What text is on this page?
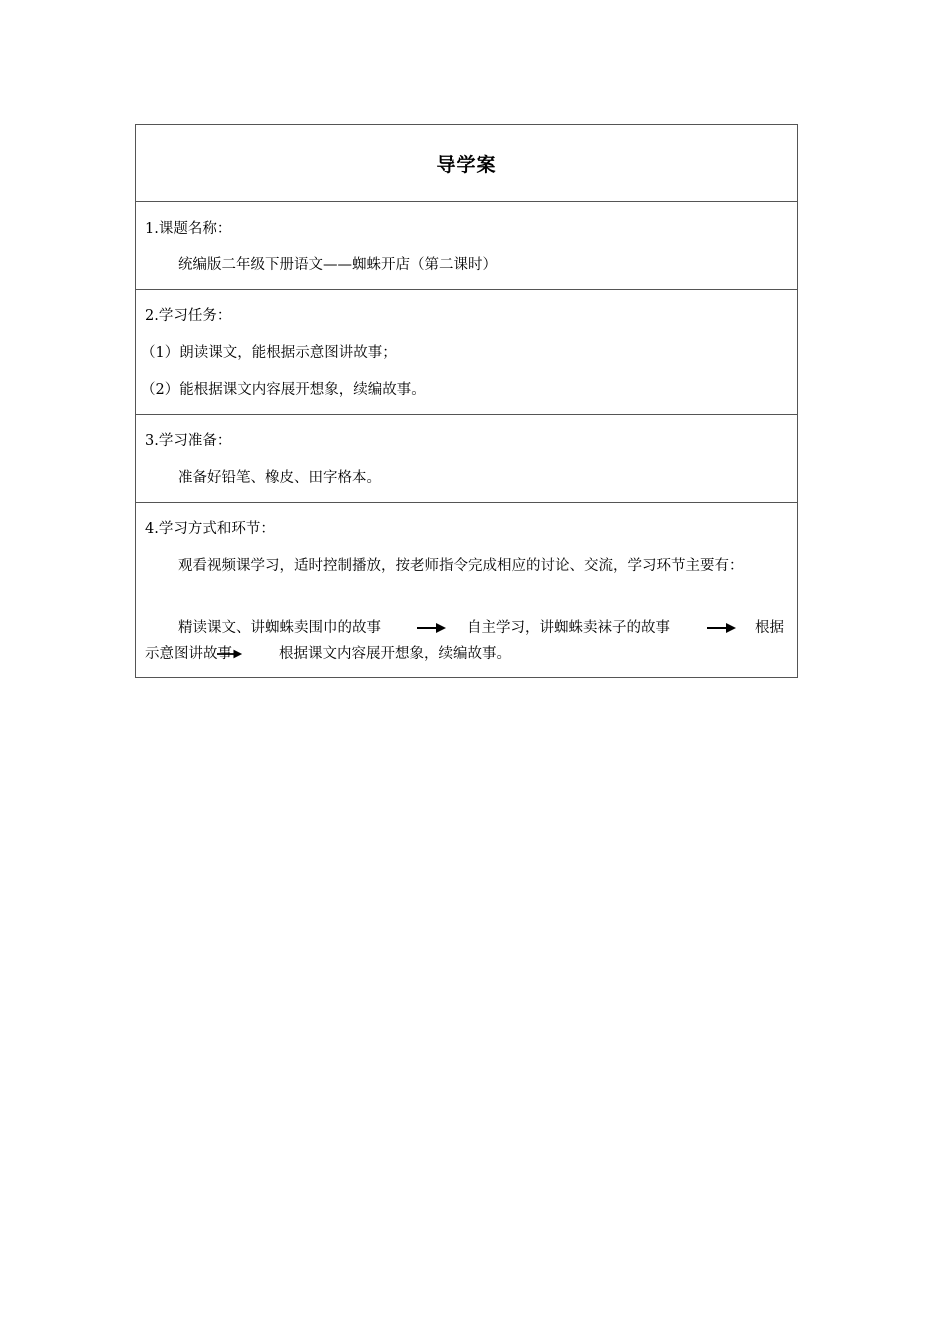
导学案
1.课题名称：
统编版二年级下册语文——蜘蛛开店（第二课时）
2.学习任务：
（1）朗读课文，能根据示意图讲故事；
（2）能根据课文内容展开想象，续编故事。
3.学习准备：
准备好铅笔、橡皮、田字格本。
4.学习方式和环节：
观看视频课学习，适时控制播放，按老师指令完成相应的讨论、交流，学习环节主要有：
精读课文、讲蜘蛛卖围巾的故事	自主学习，讲蜘蛛卖袜子的故事	根据
示意图讲故事	根据课文内容展开想象，续编故事。
